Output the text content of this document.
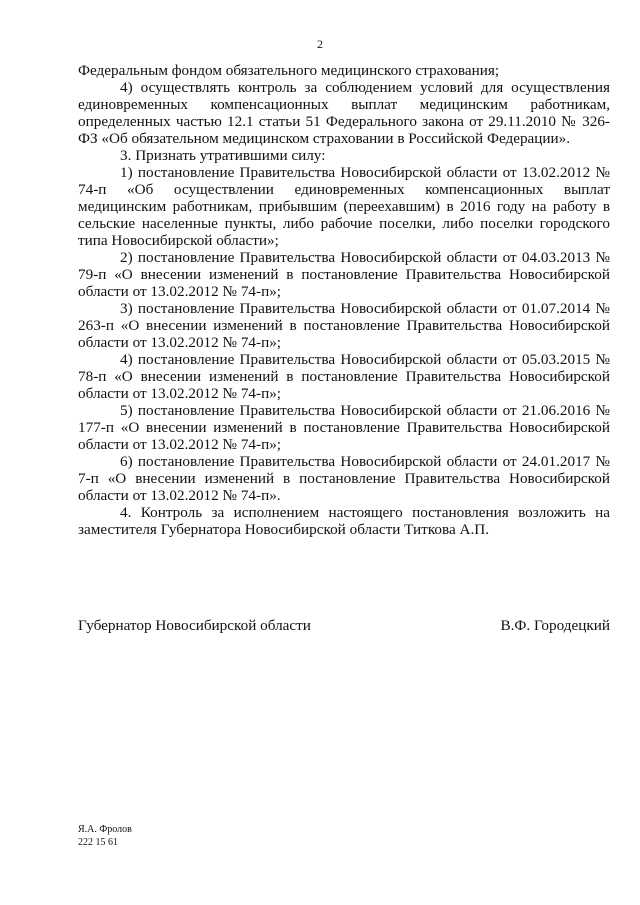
2

Федеральным фондом обязательного медицинского страхования;

4) осуществлять контроль за соблюдением условий для осуществления единовременных компенсационных выплат медицинским работникам, определенных частью 12.1 статьи 51 Федерального закона от 29.11.2010 № 326-ФЗ «Об обязательном медицинском страховании в Российской Федерации».

3. Признать утратившими силу:

1) постановление Правительства Новосибирской области от 13.02.2012 № 74-п «Об осуществлении единовременных компенсационных выплат медицинским работникам, прибывшим (переехавшим) в 2016 году на работу в сельские населенные пункты, либо рабочие поселки, либо поселки городского типа Новосибирской области»;

2) постановление Правительства Новосибирской области от 04.03.2013 № 79-п «О внесении изменений в постановление Правительства Новосибирской области от 13.02.2012 № 74-п»;

3) постановление Правительства Новосибирской области от 01.07.2014 № 263-п «О внесении изменений в постановление Правительства Новосибирской области от 13.02.2012 № 74-п»;

4) постановление Правительства Новосибирской области от 05.03.2015 № 78-п «О внесении изменений в постановление Правительства Новосибирской области от 13.02.2012 № 74-п»;

5) постановление Правительства Новосибирской области от 21.06.2016 № 177-п «О внесении изменений в постановление Правительства Новосибирской области от 13.02.2012 № 74-п»;

6) постановление Правительства Новосибирской области от 24.01.2017 № 7-п «О внесении изменений в постановление Правительства Новосибирской области от 13.02.2012 № 74-п».

4. Контроль за исполнением настоящего постановления возложить на заместителя Губернатора Новосибирской области Титкова А.П.

Губернатор Новосибирской области	В.Ф. Городецкий
Я.А. Фролов
222 15 61
